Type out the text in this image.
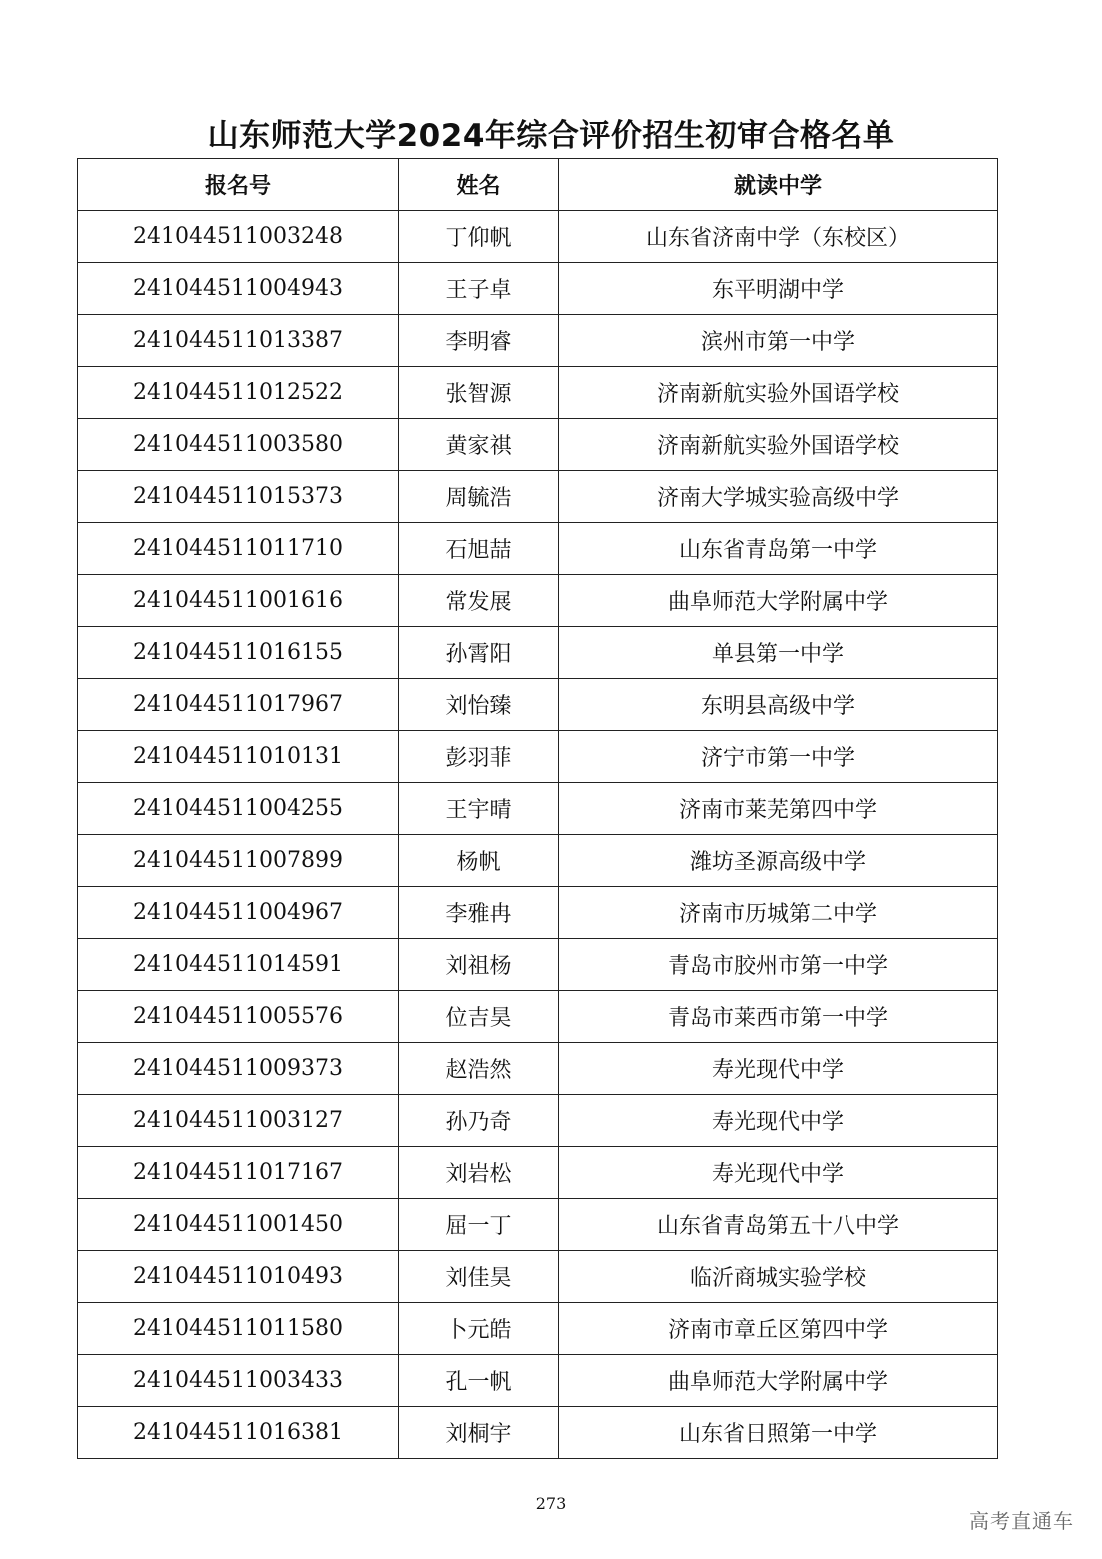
山东师范大学2024年综合评价招生初审合格名单
报名号	姓名	就读中学
241044511003248	丁仰帆	山东省济南中学（东校区）
241044511004943	王子卓	东平明湖中学
241044511013387	李明睿	滨州市第一中学
241044511012522	张智源	济南新航实验外国语学校
241044511003580	黄家祺	济南新航实验外国语学校
241044511015373	周毓浩	济南大学城实验高级中学
241044511011710	石旭喆	山东省青岛第一中学
241044511001616	常发展	曲阜师范大学附属中学
241044511016155	孙霄阳	单县第一中学
241044511017967	刘怡臻	东明县高级中学
241044511010131	彭羽菲	济宁市第一中学
241044511004255	王宇晴	济南市莱芜第四中学
241044511007899	杨帆	潍坊圣源高级中学
241044511004967	李雅冉	济南市历城第二中学
241044511014591	刘祖杨	青岛市胶州市第一中学
241044511005576	位吉昊	青岛市莱西市第一中学
241044511009373	赵浩然	寿光现代中学
241044511003127	孙乃奇	寿光现代中学
241044511017167	刘岩松	寿光现代中学
241044511001450	屈一丁	山东省青岛第五十八中学
241044511010493	刘佳昊	临沂商城实验学校
241044511011580	卜元皓	济南市章丘区第四中学
241044511003433	孔一帆	曲阜师范大学附属中学
241044511016381	刘桐宇	山东省日照第一中学
273
高考直通车
